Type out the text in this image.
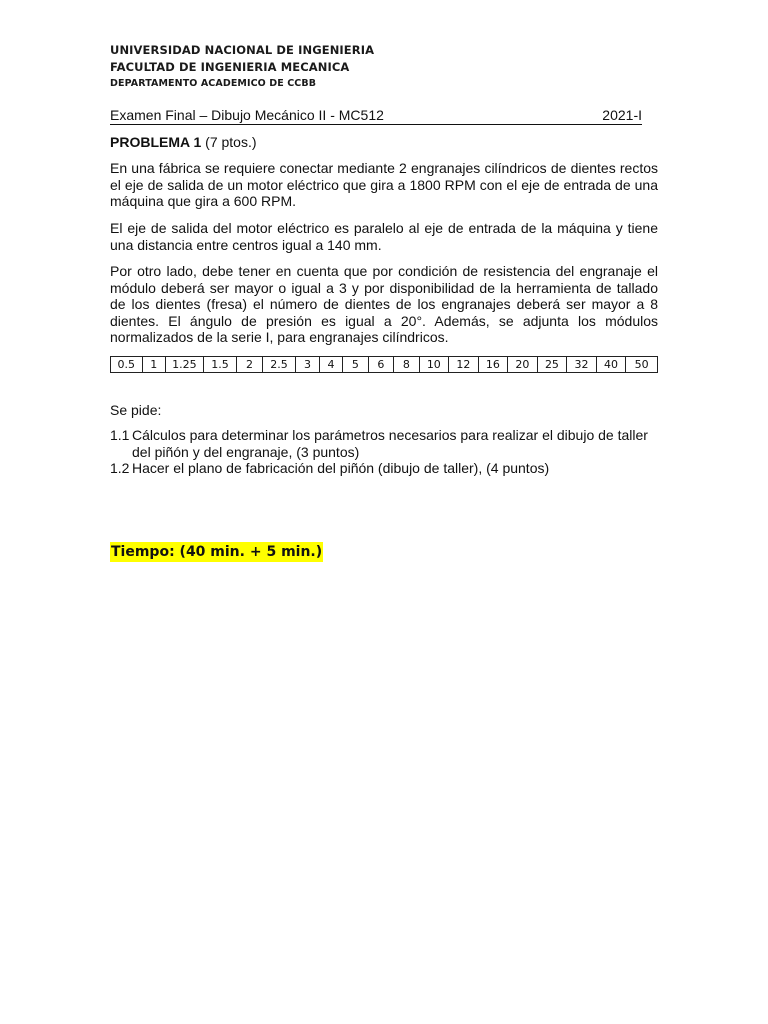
UNIVERSIDAD NACIONAL DE INGENIERIA
FACULTAD DE INGENIERIA MECANICA
DEPARTAMENTO ACADEMICO DE CCBB
Examen Final – Dibujo Mecánico II - MC512	2021-I
PROBLEMA 1 (7 ptos.)

En una fábrica se requiere conectar mediante 2 engranajes cilíndricos de dientes rectos el eje de salida de un motor eléctrico que gira a 1800 RPM con el eje de entrada de una máquina que gira a 600 RPM.

El eje de salida del motor eléctrico es paralelo al eje de entrada de la máquina y tiene una distancia entre centros igual a 140 mm.

Por otro lado, debe tener en cuenta que por condición de resistencia del engranaje el módulo deberá ser mayor o igual a 3 y por disponibilidad de la herramienta de tallado de los dientes (fresa) el número de dientes de los engranajes deberá ser mayor a 8 dientes. El ángulo de presión es igual a 20°. Además, se adjunta los módulos normalizados de la serie I, para engranajes cilíndricos.

0.5	1	1.25	1.5	2	2.5	3	4	5	6	8	10	12	16	20	25	32	40	50
Se pide:

1.1 Cálculos para determinar los parámetros necesarios para realizar el dibujo de taller del piñón y del engranaje, (3 puntos)

1.2 Hacer el plano de fabricación del piñón (dibujo de taller), (4 puntos)

Tiempo: (40 min. + 5 min.)
